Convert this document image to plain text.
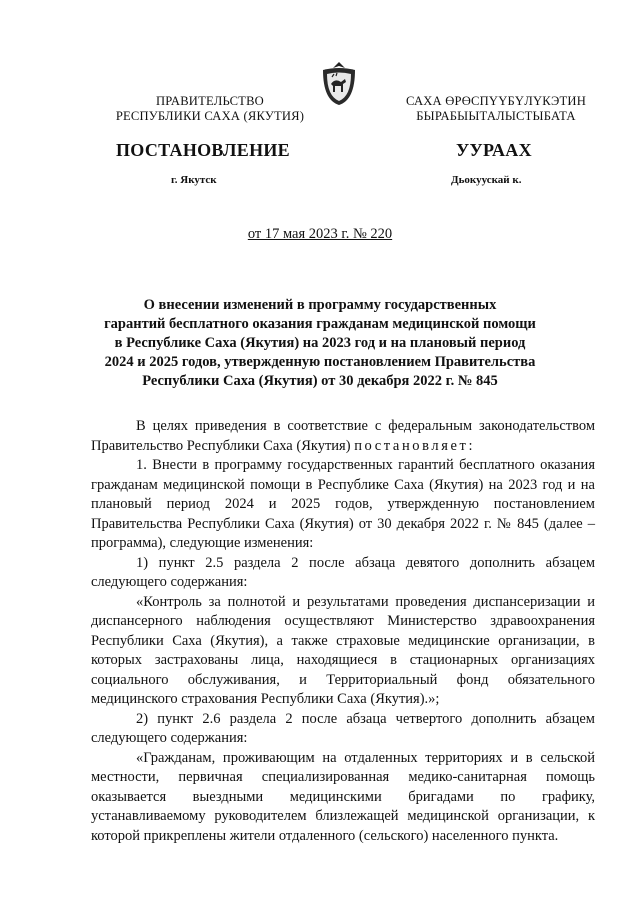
ПРАВИТЕЛЬСТВО
РЕСПУБЛИКИ САХА (ЯКУТИЯ)
САХА ӨРӨСПҮҮБҮЛҮКЭТИН
БЫРАБЫЫТАЛЫСТЫБАТА
ПОСТАНОВЛЕНИЕ	УУРААХ
г. Якутск	Дьокуускай к.
от 17 мая 2023 г. № 220
О внесении изменений в программу государственных
гарантий бесплатного оказания гражданам медицинской помощи
в Республике Саха (Якутия) на 2023 год и на плановый период
2024 и 2025 годов, утвержденную постановлением Правительства
Республики Саха (Якутия) от 30 декабря 2022 г. № 845

В целях приведения в соответствие с федеральным законодательством Правительство Республики Саха (Якутия) постановляет:

1. Внести в программу государственных гарантий бесплатного оказания гражданам медицинской помощи в Республике Саха (Якутия) на 2023 год и на плановый период 2024 и 2025 годов, утвержденную постановлением Правительства Республики Саха (Якутия) от 30 декабря 2022 г. № 845 (далее – программа), следующие изменения:

1) пункт 2.5 раздела 2 после абзаца девятого дополнить абзацем следующего содержания:

«Контроль за полнотой и результатами проведения диспансеризации и диспансерного наблюдения осуществляют Министерство здравоохранения Республики Саха (Якутия), а также страховые медицинские организации, в которых застрахованы лица, находящиеся в стационарных организациях социального обслуживания, и Территориальный фонд обязательного медицинского страхования Республики Саха (Якутия).»;

2) пункт 2.6 раздела 2 после абзаца четвертого дополнить абзацем следующего содержания:

«Гражданам, проживающим на отдаленных территориях и в сельской местности, первичная специализированная медико-санитарная помощь оказывается выездными медицинскими бригадами по графику, устанавливаемому руководителем близлежащей медицинской организации, к которой прикреплены жители отдаленного (сельского) населенного пункта.
